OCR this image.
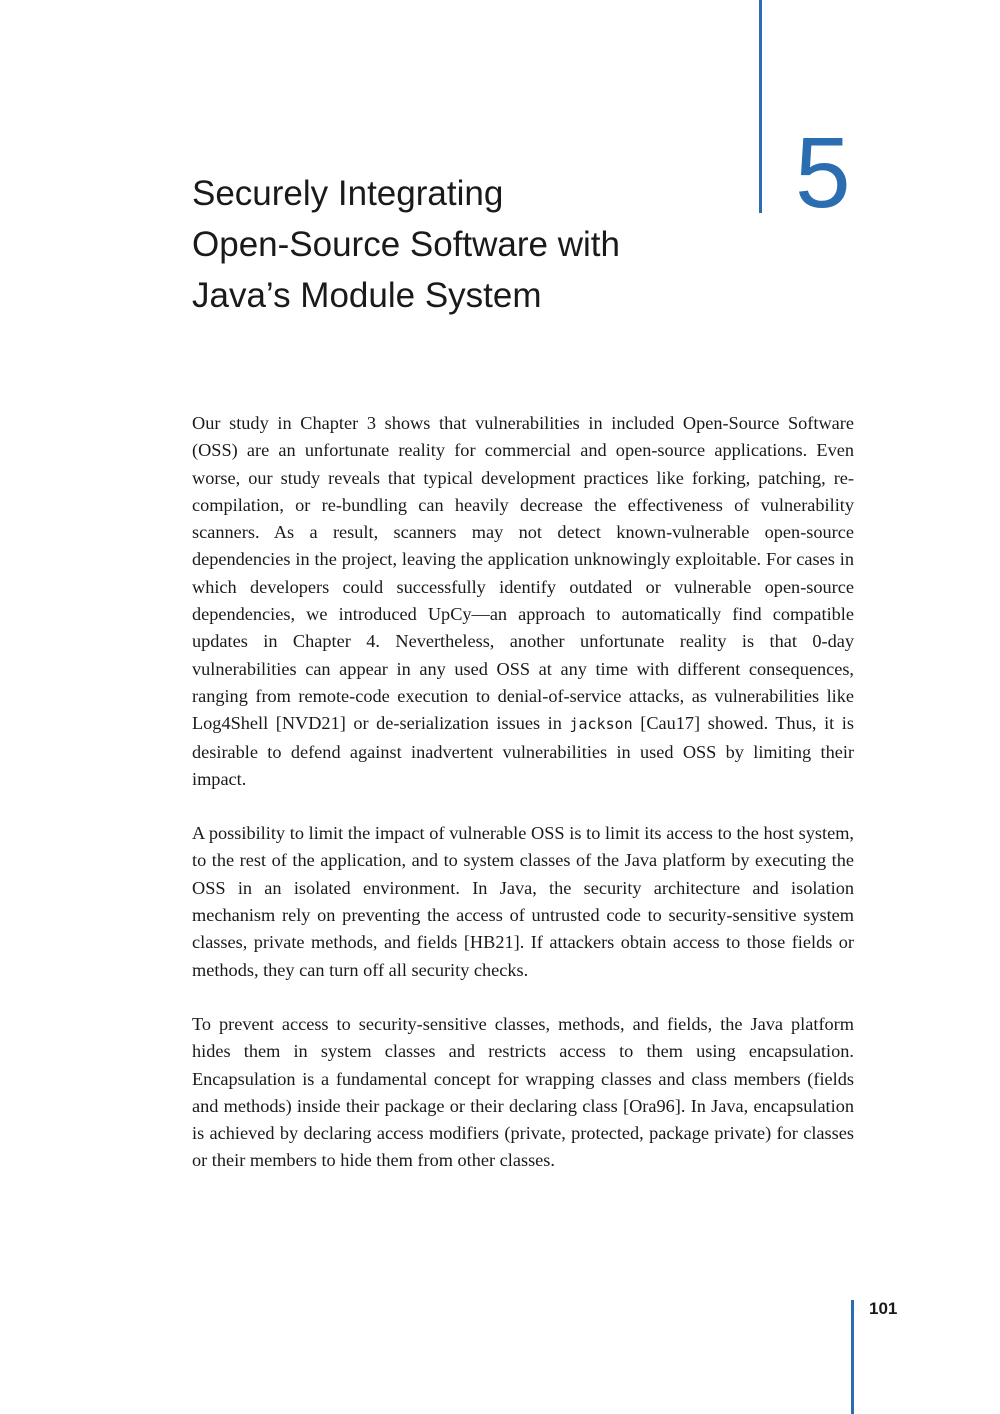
5
Securely Integrating
Open-Source Software with
Java’s Module System

Our study in Chapter 3 shows that vulnerabilities in included Open-Source Software (OSS) are an unfortunate reality for commercial and open-source applications. Even worse, our study reveals that typical development practices like forking, patching, re-compilation, or re-bundling can heavily decrease the effectiveness of vulnerability scanners. As a result, scanners may not detect known-vulnerable open-source dependencies in the project, leaving the application unknowingly exploitable. For cases in which developers could successfully identify outdated or vulnerable open-source dependencies, we introduced UpCy—an approach to automatically find compatible updates in Chapter 4. Nevertheless, another unfortunate reality is that 0-day vulnerabilities can appear in any used OSS at any time with different consequences, ranging from remote-code execution to denial-of-service attacks, as vulnerabilities like Log4Shell [NVD21] or de-serialization issues in jackson [Cau17] showed. Thus, it is desirable to defend against inadvertent vulnerabilities in used OSS by limiting their impact.

A possibility to limit the impact of vulnerable OSS is to limit its access to the host system, to the rest of the application, and to system classes of the Java platform by executing the OSS in an isolated environment. In Java, the security architecture and isolation mechanism rely on preventing the access of untrusted code to security-sensitive system classes, private methods, and fields [HB21]. If attackers obtain access to those fields or methods, they can turn off all security checks.

To prevent access to security-sensitive classes, methods, and fields, the Java platform hides them in system classes and restricts access to them using encapsulation. Encapsulation is a fundamental concept for wrapping classes and class members (fields and methods) inside their package or their declaring class [Ora96]. In Java, encapsulation is achieved by declaring access modifiers (private, protected, package private) for classes or their members to hide them from other classes.

101
